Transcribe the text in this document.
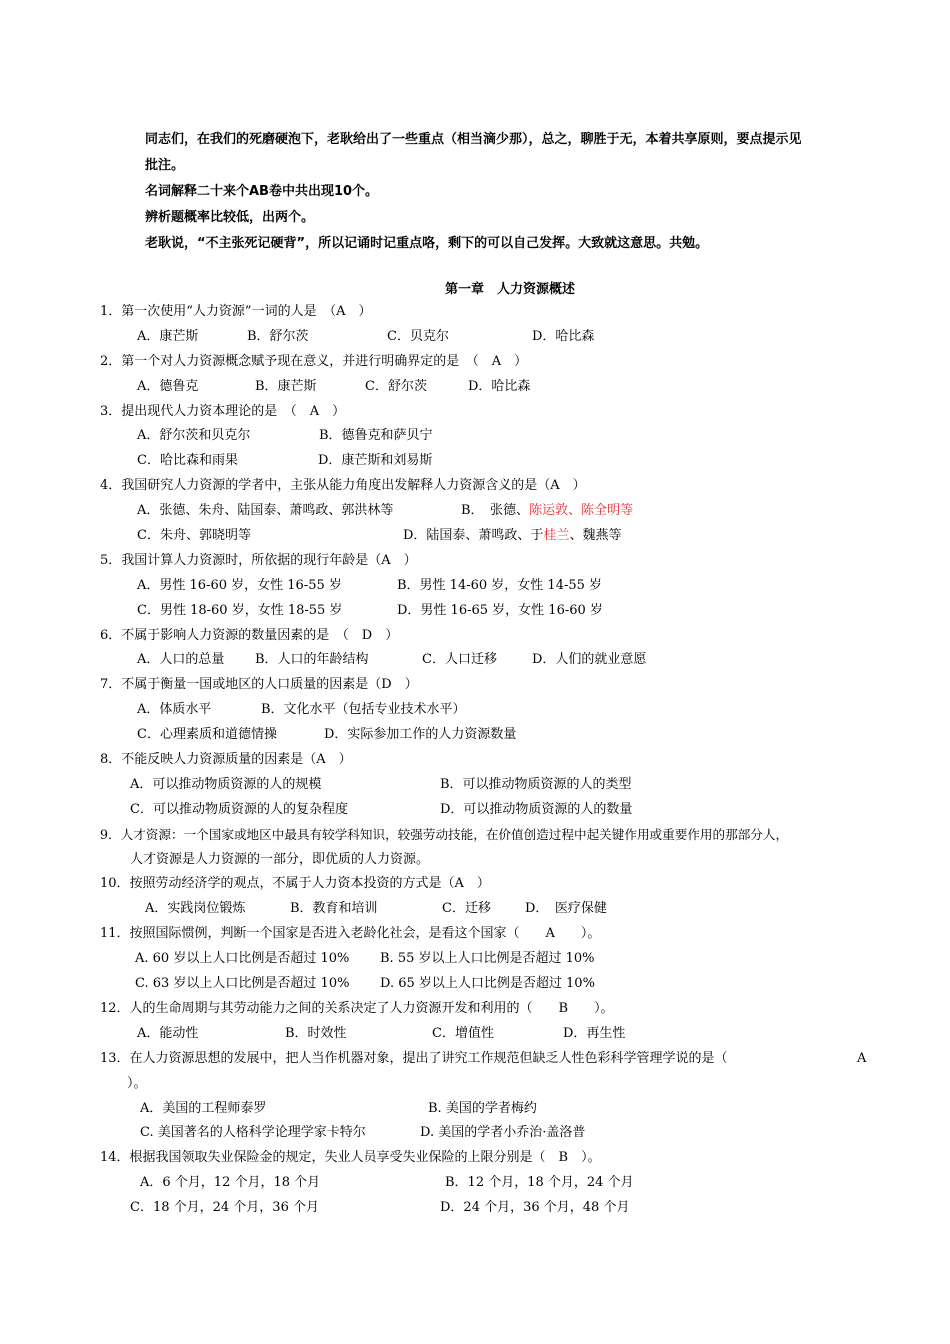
同志们，在我们的死磨硬泡下，老耿给出了一些重点（相当滴少那），总之，聊胜于无，本着共享原则，要点提示见

批注。

名词解释二十来个AB卷中共出现10个。

辨析题概率比较低，出两个。

老耿说，“不主张死记硬背”，所以记诵时记重点咯，剩下的可以自己发挥。大致就这意思。共勉。

第一章　人力资源概述
1．第一次使用“人力资源”一词的人是　（A　）
A．康芒斯	B．舒尔茨	C．贝克尔	D．哈比森
2．第一个对人力资源概念赋予现在意义，并进行明确界定的是　（　A　）
A．德鲁克	B．康芒斯	C．舒尔茨	D．哈比森
3．提出现代人力资本理论的是　（　A　）
A．舒尔茨和贝克尔	B．德鲁克和萨贝宁
C．哈比森和雨果	D．康芒斯和刘易斯
4．我国研究人力资源的学者中，主张从能力角度出发解释人力资源含义的是（A　）
A．张德、朱舟、陆国泰、萧鸣政、郭洪林等	B．　张德、陈运敦、陈全明等
C．朱舟、郭晓明等	D．陆国泰、萧鸣政、于桂兰、魏燕等
5．我国计算人力资源时，所依据的现行年龄是（A　）
A．男性 16-60 岁，女性 16-55 岁	B．男性 14-60 岁，女性 14-55 岁
C．男性 18-60 岁，女性 18-55 岁	D．男性 16-65 岁，女性 16-60 岁
6．不属于影响人力资源的数量因素的是　（　D　）
A．人口的总量 B．人口的年龄结构	C．人口迁移	D．人们的就业意愿
7．不属于衡量一国或地区的人口质量的因素是（D　）
A．体质水平	B．文化水平（包括专业技术水平）
C．心理素质和道德情操	D．实际参加工作的人力资源数量
8．不能反映人力资源质量的因素是（A　）
A．可以推动物质资源的人的规模	B．可以推动物质资源的人的类型
C．可以推动物质资源的人的复杂程度	D．可以推动物质资源的人的数量
9．人才资源：一个国家或地区中最具有较学科知识，较强劳动技能，在价值创造过程中起关键作用或重要作用的那部分人，
人才资源是人力资源的一部分，即优质的人力资源。
10．按照劳动经济学的观点，不属于人力资本投资的方式是（A　）
A．实践岗位锻炼	B．教育和培训	C．迁移	D．　医疗保健
11．按照国际惯例，判断一个国家是否进入老龄化社会，是看这个国家（　　A　　）。
A. 60 岁以上人口比例是否超过 10% B. 55 岁以上人口比例是否超过 10%
C. 63 岁以上人口比例是否超过 10% D. 65 岁以上人口比例是否超过 10%
12．人的生命周期与其劳动能力之间的关系决定了人力资源开发和利用的（　　B　　）。
A．能动性	B．时效性	C．增值性	D．再生性
13．在人力资源思想的发展中，把人当作机器对象，提出了讲究工作规范但缺乏人性色彩科学管理学说的是（	A
）。
A．美国的工程师泰罗	B. 美国的学者梅约
C. 美国著名的人格科学论理学家卡特尔	D. 美国的学者小乔治·盖洛普
14．根据我国领取失业保险金的规定，失业人员享受失业保险的上限分别是（　B　）。
A．6 个月，12 个月，18 个月	B．12 个月，18 个月，24 个月
C．18 个月，24 个月，36 个月	D．24 个月，36 个月，48 个月
